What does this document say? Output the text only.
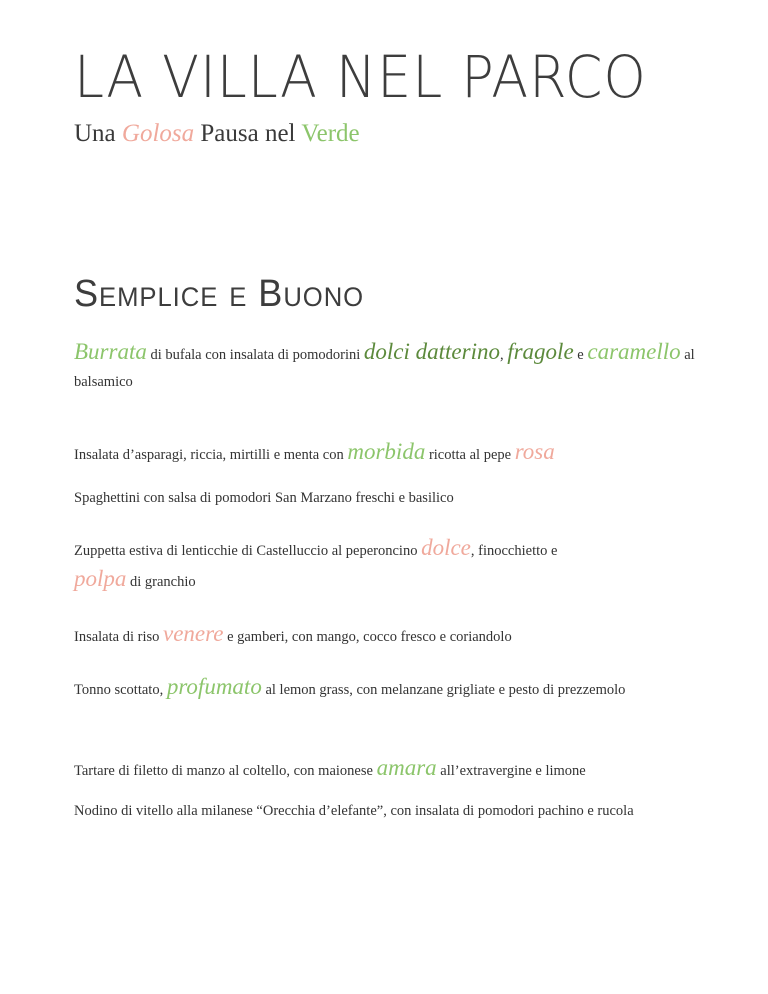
LA VILLA NEL PARCO

Una Golosa Pausa nel Verde

Semplice e Buono

Burrata di bufala con insalata di pomodorini dolci datterino, fragole e caramello al balsamico

Insalata d’asparagi, riccia, mirtilli e menta con morbida ricotta al pepe rosa

Spaghettini con salsa di pomodori San Marzano freschi e basilico

Zuppetta estiva di lenticchie di Castelluccio al peperoncino dolce, finocchietto e
polpa di granchio

Insalata di riso venere e gamberi, con mango, cocco fresco e coriandolo

Tonno scottato, profumato al lemon grass, con melanzane grigliate e pesto di prezzemolo

Tartare di filetto di manzo al coltello, con maionese amara all’extravergine e limone

Nodino di vitello alla milanese “Orecchia d’elefante”, con insalata di pomodori pachino e rucola
